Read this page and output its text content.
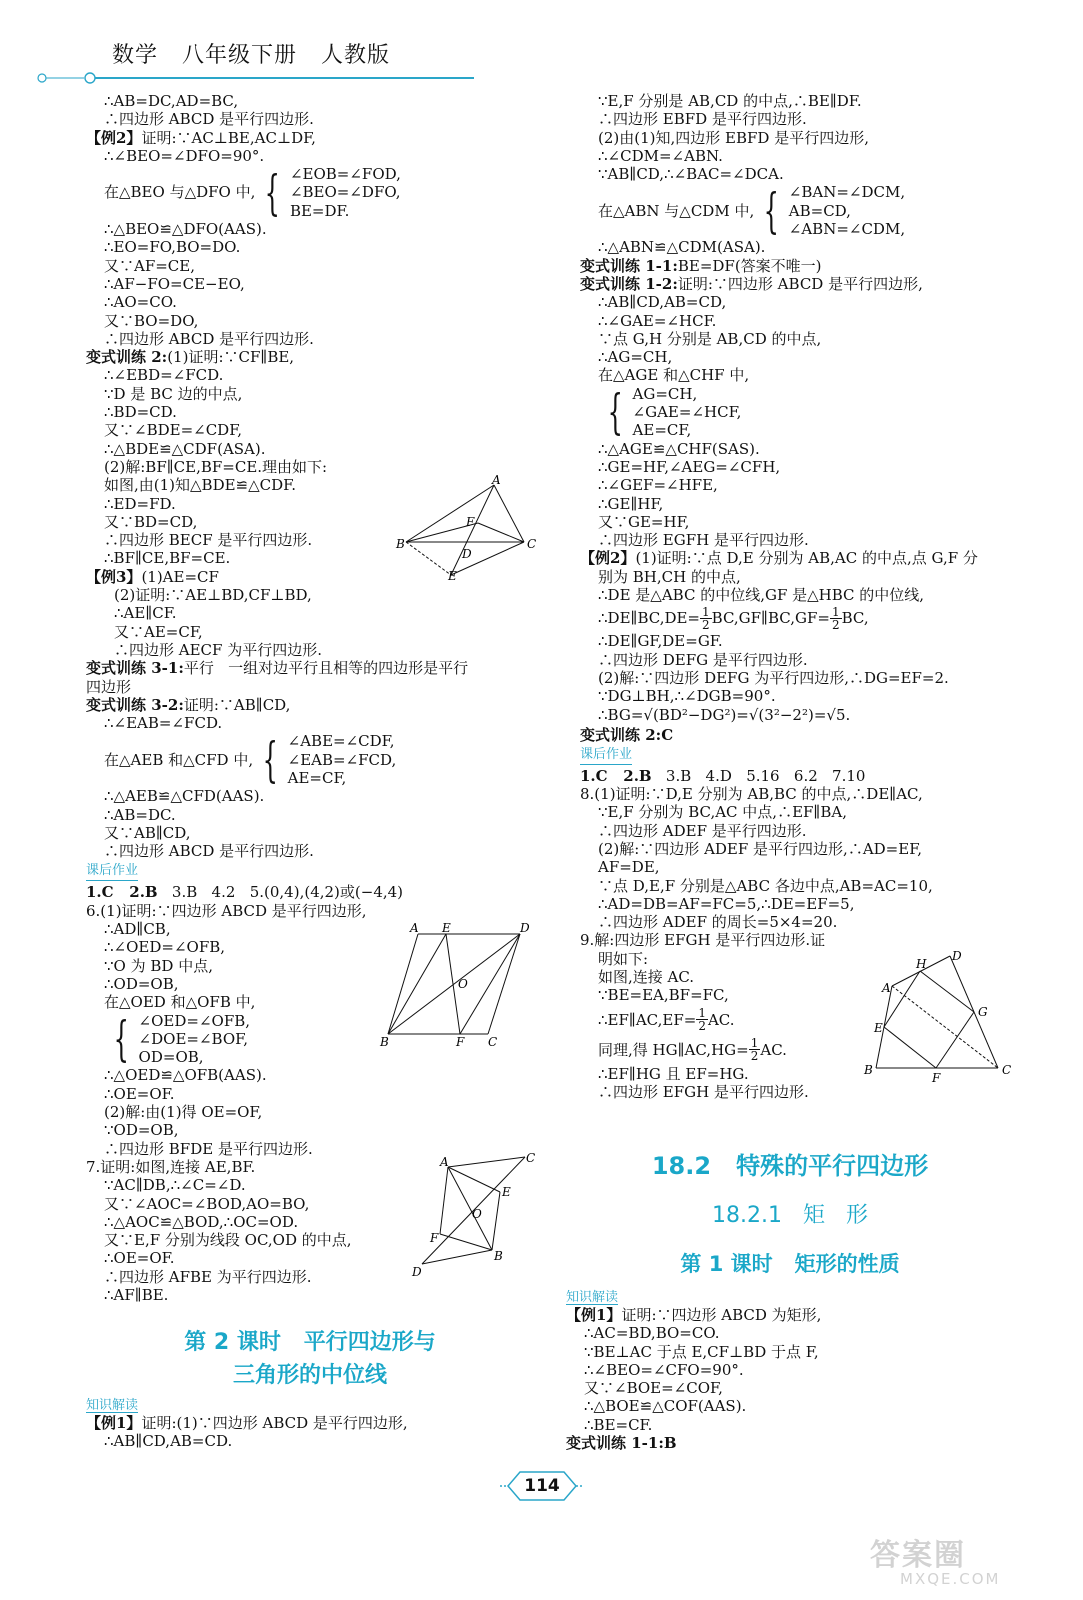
数学   八年级下册   人教版
∴AB=DC,AD=BC,
∴四边形 ABCD 是平行四边形.
【例2】证明:∵AC⊥BE,AC⊥DF,
∴∠BEO=∠DFO=90°.
在△BEO 与△DFO 中, { ∠EOB=∠FOD,
∠BEO=∠DFO,
BE=DF.
∴△BEO≌△DFO(AAS).
∴EO=FO,BO=DO.
又∵AF=CE,
∴AF−FO=CE−EO,
∴AO=CO.
又∵BO=DO,
∴四边形 ABCD 是平行四边形.
变式训练 2:(1)证明:∵CF∥BE,
∴∠EBD=∠FCD.
∵D 是 BC 边的中点,
∴BD=CD.
又∵∠BDE=∠CDF,
∴△BDE≌△CDF(ASA).
(2)解:BF∥CE,BF=CE.理由如下:
如图,由(1)知△BDE≌△CDF.
∴ED=FD.
又∵BD=CD,
∴四边形 BECF 是平行四边形.
∴BF∥CE,BF=CE.
【例3】(1)AE=CF
(2)证明:∵AE⊥BD,CF⊥BD,
∴AE∥CF.
又∵AE=CF,
∴四边形 AECF 为平行四边形.
变式训练 3-1:平行   一组对边平行且相等的四边形是平行
四边形
变式训练 3-2:证明:∵AB∥CD,
∴∠EAB=∠FCD.
在△AEB 和△CFD 中, { ∠ABE=∠CDF,
∠EAB=∠FCD,
AE=CF,
∴△AEB≌△CFD(AAS).
∴AB=DC.
又∵AB∥CD,
∴四边形 ABCD 是平行四边形.
课后作业
1.C   2.B   3.B   4.2   5.(0,4),(4,2)或(−4,4)
6.(1)证明:∵四边形 ABCD 是平行四边形,
∴AD∥CB,
∴∠OED=∠OFB,
∵O 为 BD 中点,
∴OD=OB,
在△OED 和△OFB 中,
{ ∠OED=∠OFB,
∠DOE=∠BOF,
OD=OB,
∴△OED≌△OFB(AAS).
∴OE=OF.
(2)解:由(1)得 OE=OF,
∵OD=OB,
∴四边形 BFDE 是平行四边形.
7.证明:如图,连接 AE,BF.
∵AC∥DB,∴∠C=∠D.
又∵∠AOC=∠BOD,AO=BO,
∴△AOC≌△BOD,∴OC=OD.
又∵E,F 分别为线段 OC,OD 的中点,
∴OE=OF.
∴四边形 AFBE 为平行四边形.
∴AF∥BE.
第 2 课时   平行四边形与
三角形的中位线
知识解读
【例1】证明:(1)∵四边形 ABCD 是平行四边形,
∴AB∥CD,AB=CD.
∵E,F 分别是 AB,CD 的中点,∴BE∥DF.
∴四边形 EBFD 是平行四边形.
(2)由(1)知,四边形 EBFD 是平行四边形,
∴∠CDM=∠ABN.
∵AB∥CD,∴∠BAC=∠DCA.
在△ABN 与△CDM 中, { ∠BAN=∠DCM,
AB=CD,
∠ABN=∠CDM,
∴△ABN≌△CDM(ASA).
变式训练 1-1:BE=DF(答案不唯一)
变式训练 1-2:证明:∵四边形 ABCD 是平行四边形,
∴AB∥CD,AB=CD,
∴∠GAE=∠HCF.
∵点 G,H 分别是 AB,CD 的中点,
∴AG=CH,
在△AGE 和△CHF 中,
{ AG=CH,
∠GAE=∠HCF,
AE=CF,
∴△AGE≌△CHF(SAS).
∴GE=HF,∠AEG=∠CFH,
∴∠GEF=∠HFE,
∴GE∥HF,
又∵GE=HF,
∴四边形 EGFH 是平行四边形.
【例2】(1)证明:∵点 D,E 分别为 AB,AC 的中点,点 G,F 分
别为 BH,CH 的中点,
∴DE 是△ABC 的中位线,GF 是△HBC 的中位线,
∴DE∥BC,DE= $\frac{1}{2}$ BC,GF∥BC,GF= $\frac{1}{2}$ BC,
∴DE∥GF,DE=GF.
∴四边形 DEFG 是平行四边形.
(2)解:∵四边形 DEFG 为平行四边形,∴DG=EF=2.
∵DG⊥BH,∴∠DGB=90°.
∴BG=√(BD²−DG²)=√(3²−2²)=√5.
变式训练 2:C
课后作业
1.C   2.B   3.B   4.D   5.16   6.2   7.10
8.(1)证明:∵D,E 分别为 AB,BC 的中点,∴DE∥AC,
∵E,F 分别为 BC,AC 中点,∴EF∥BA,
∴四边形 ADEF 是平行四边形.
(2)解:∵四边形 ADEF 是平行四边形,∴AD=EF,
AF=DE,
∵点 D,E,F 分别是△ABC 各边中点,AB=AC=10,
∴AD=DB=AF=FC=5,∴DE=EF=5,
∴四边形 ADEF 的周长=5×4=20.
9.解:四边形 EFGH 是平行四边形.证
明如下:
如图,连接 AC.
∵BE=EA,BF=FC,
∴EF∥AC,EF= $\frac{1}{2}$ AC.
同理,得 HG∥AC,HG= $\frac{1}{2}$ AC.
∴EF∥HG 且 EF=HG.
∴四边形 EFGH 是平行四边形.
18.2   特殊的平行四边形
18.2.1   矩   形
第 1 课时   矩形的性质
知识解读
【例1】证明:∵四边形 ABCD 为矩形,
∴AC=BD,BO=CO.
∵BE⊥AC 于点 E,CF⊥BD 于点 F,
∴∠BEO=∠CFO=90°.
又∵∠BOE=∠COF,
∴△BOE≌△COF(AAS).
∴BE=CF.
变式训练 1-1:B
A
B	C
D
E
F
A E	D
O
B	F C
A	C
E
O
F
B
D
H
D
A
G
E
B
F
C
114
答案圈
MXQE.COM
